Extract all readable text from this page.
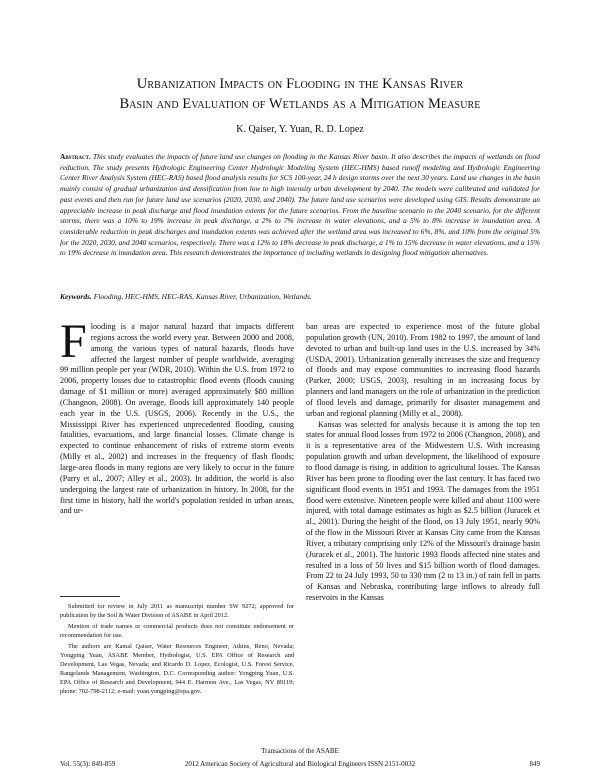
Urbanization Impacts on Flooding in the Kansas River
Basin and Evaluation of Wetlands as a Mitigation Measure
K. Qaiser, Y. Yuan, R. D. Lopez
Abstract. This study evaluates the impacts of future land use changes on flooding in the Kansas River basin. It also describes the impacts of wetlands on flood reduction. The study presents Hydrologic Engineering Center Hydrologic Modeling System (HEC-HMS) based runoff modeling and Hydrologic Engineering Center River Analysis System (HEC-RAS) based flood analysis results for SCS 100-year, 24 h design storms over the next 30 years. Land use changes in the basin mainly consist of gradual urbanization and densification from low to high intensity urban development by 2040. The models were calibrated and validated for past events and then run for future land use scenarios (2020, 2030, and 2040). The future land use scenarios were developed using GIS. Results demonstrate an appreciable increase in peak discharge and flood inundation extents for the future scenarios. From the baseline scenario to the 2040 scenario, for the different storms, there was a 10% to 19% increase in peak discharge, a 2% to 7% increase in water elevations, and a 5% to 8% increase in inundation area. A considerable reduction in peak discharges and inundation extents was achieved after the wetland area was increased to 6%, 8%, and 10% from the original 5% for the 2020, 2030, and 2040 scenarios, respectively. There was a 12% to 18% decrease in peak discharge, a 1% to 15% decrease in water elevations, and a 15% to 19% decrease in inundation area. This research demonstrates the importance of including wetlands in designing flood mitigation alternatives.
Keywords. Flooding, HEC-HMS, HEC-RAS, Kansas River, Urbanization, Wetlands.

Flooding is a major natural hazard that impacts different regions across the world every year. Between 2000 and 2008, among the various types of natural hazards, floods have affected the largest number of people worldwide, averaging 99 million people per year (WDR, 2010). Within the U.S. from 1972 to 2006, property losses due to catastrophic flood events (floods causing damage of $1 million or more) averaged approximately $80 million (Changnon, 2008). On average, floods kill approximately 140 people each year in the U.S. (USGS, 2006). Recently in the U.S., the Mississippi River has experienced unprecedented flooding, causing fatalities, evacuations, and large financial losses. Climate change is expected to continue enhancement of risks of extreme storm events (Milly et al., 2002) and increases in the frequency of flash floods; large-area floods in many regions are very likely to occur in the future (Parry et al., 2007; Alley et al., 2003). In addition, the world is also undergoing the largest rate of urbanization in history. In 2008, for the first time in history, half the world's population resided in urban areas, and ur-

ban areas are expected to experience most of the future global population growth (UN, 2010). From 1982 to 1997, the amount of land devoted to urban and built-up land uses in the U.S. increased by 34% (USDA, 2001). Urbanization generally increases the size and frequency of floods and may expose communities to increasing flood hazards (Parker, 2000; USGS, 2003), resulting in an increasing focus by planners and land managers on the role of urbanization in the prediction of flood levels and damage, primarily for disaster management and urban and regional planning (Milly et al., 2008).

Kansas was selected for analysis because it is among the top ten states for annual flood losses from 1972 to 2006 (Changnon, 2008), and it is a representative area of the Midwestern U.S. With increasing population growth and urban development, the likelihood of exposure to flood damage is rising, in addition to agricultural losses. The Kansas River has been prone to flooding over the last century. It has faced two significant flood events in 1951 and 1993. The damages from the 1951 flood were extensive. Nineteen people were killed and about 1100 were injured, with total damage estimates as high as $2.5 billion (Juracek et al., 2001). During the height of the flood, on 13 July 1951, nearly 90% of the flow in the Missouri River at Kansas City came from the Kansas River, a tributary comprising only 12% of the Missouri's drainage basin (Juracek et al., 2001). The historic 1993 floods affected nine states and resulted in a loss of 50 lives and $15 billion worth of flood damages. From 22 to 24 July 1993, 50 to 330 mm (2 to 13 in.) of rain fell in parts of Kansas and Nebraska, contributing large inflows to already full reservoirs in the Kansas

Submitted for review in July 2011 as manuscript number SW 9272; approved for publication by the Soil & Water Division of ASABE in April 2012.

Mention of trade names or commercial products does not constitute endorsement or recommendation for use.

The authors are Kamal Qaiser, Water Resources Engineer, Atkins, Reno, Nevada; Yongping Yuan, ASABE Member, Hydrologist, U.S. EPA Office of Research and Development, Las Vegas, Nevada; and Ricardo D. Lopez, Ecologist, U.S. Forest Service, Rangelands Management, Washington, D.C. Corresponding author: Yongping Yuan, U.S. EPA Office of Research and Development, 944 E. Harmon Ave., Las Vegas, NV 89119; phone: 702-798-2112; e-mail: yuan.yongping@epa.gov.

Transactions of the ASABE
Vol. 55(3): 849-859	2012 American Society of Agricultural and Biological Engineers ISSN 2151-0032	849
